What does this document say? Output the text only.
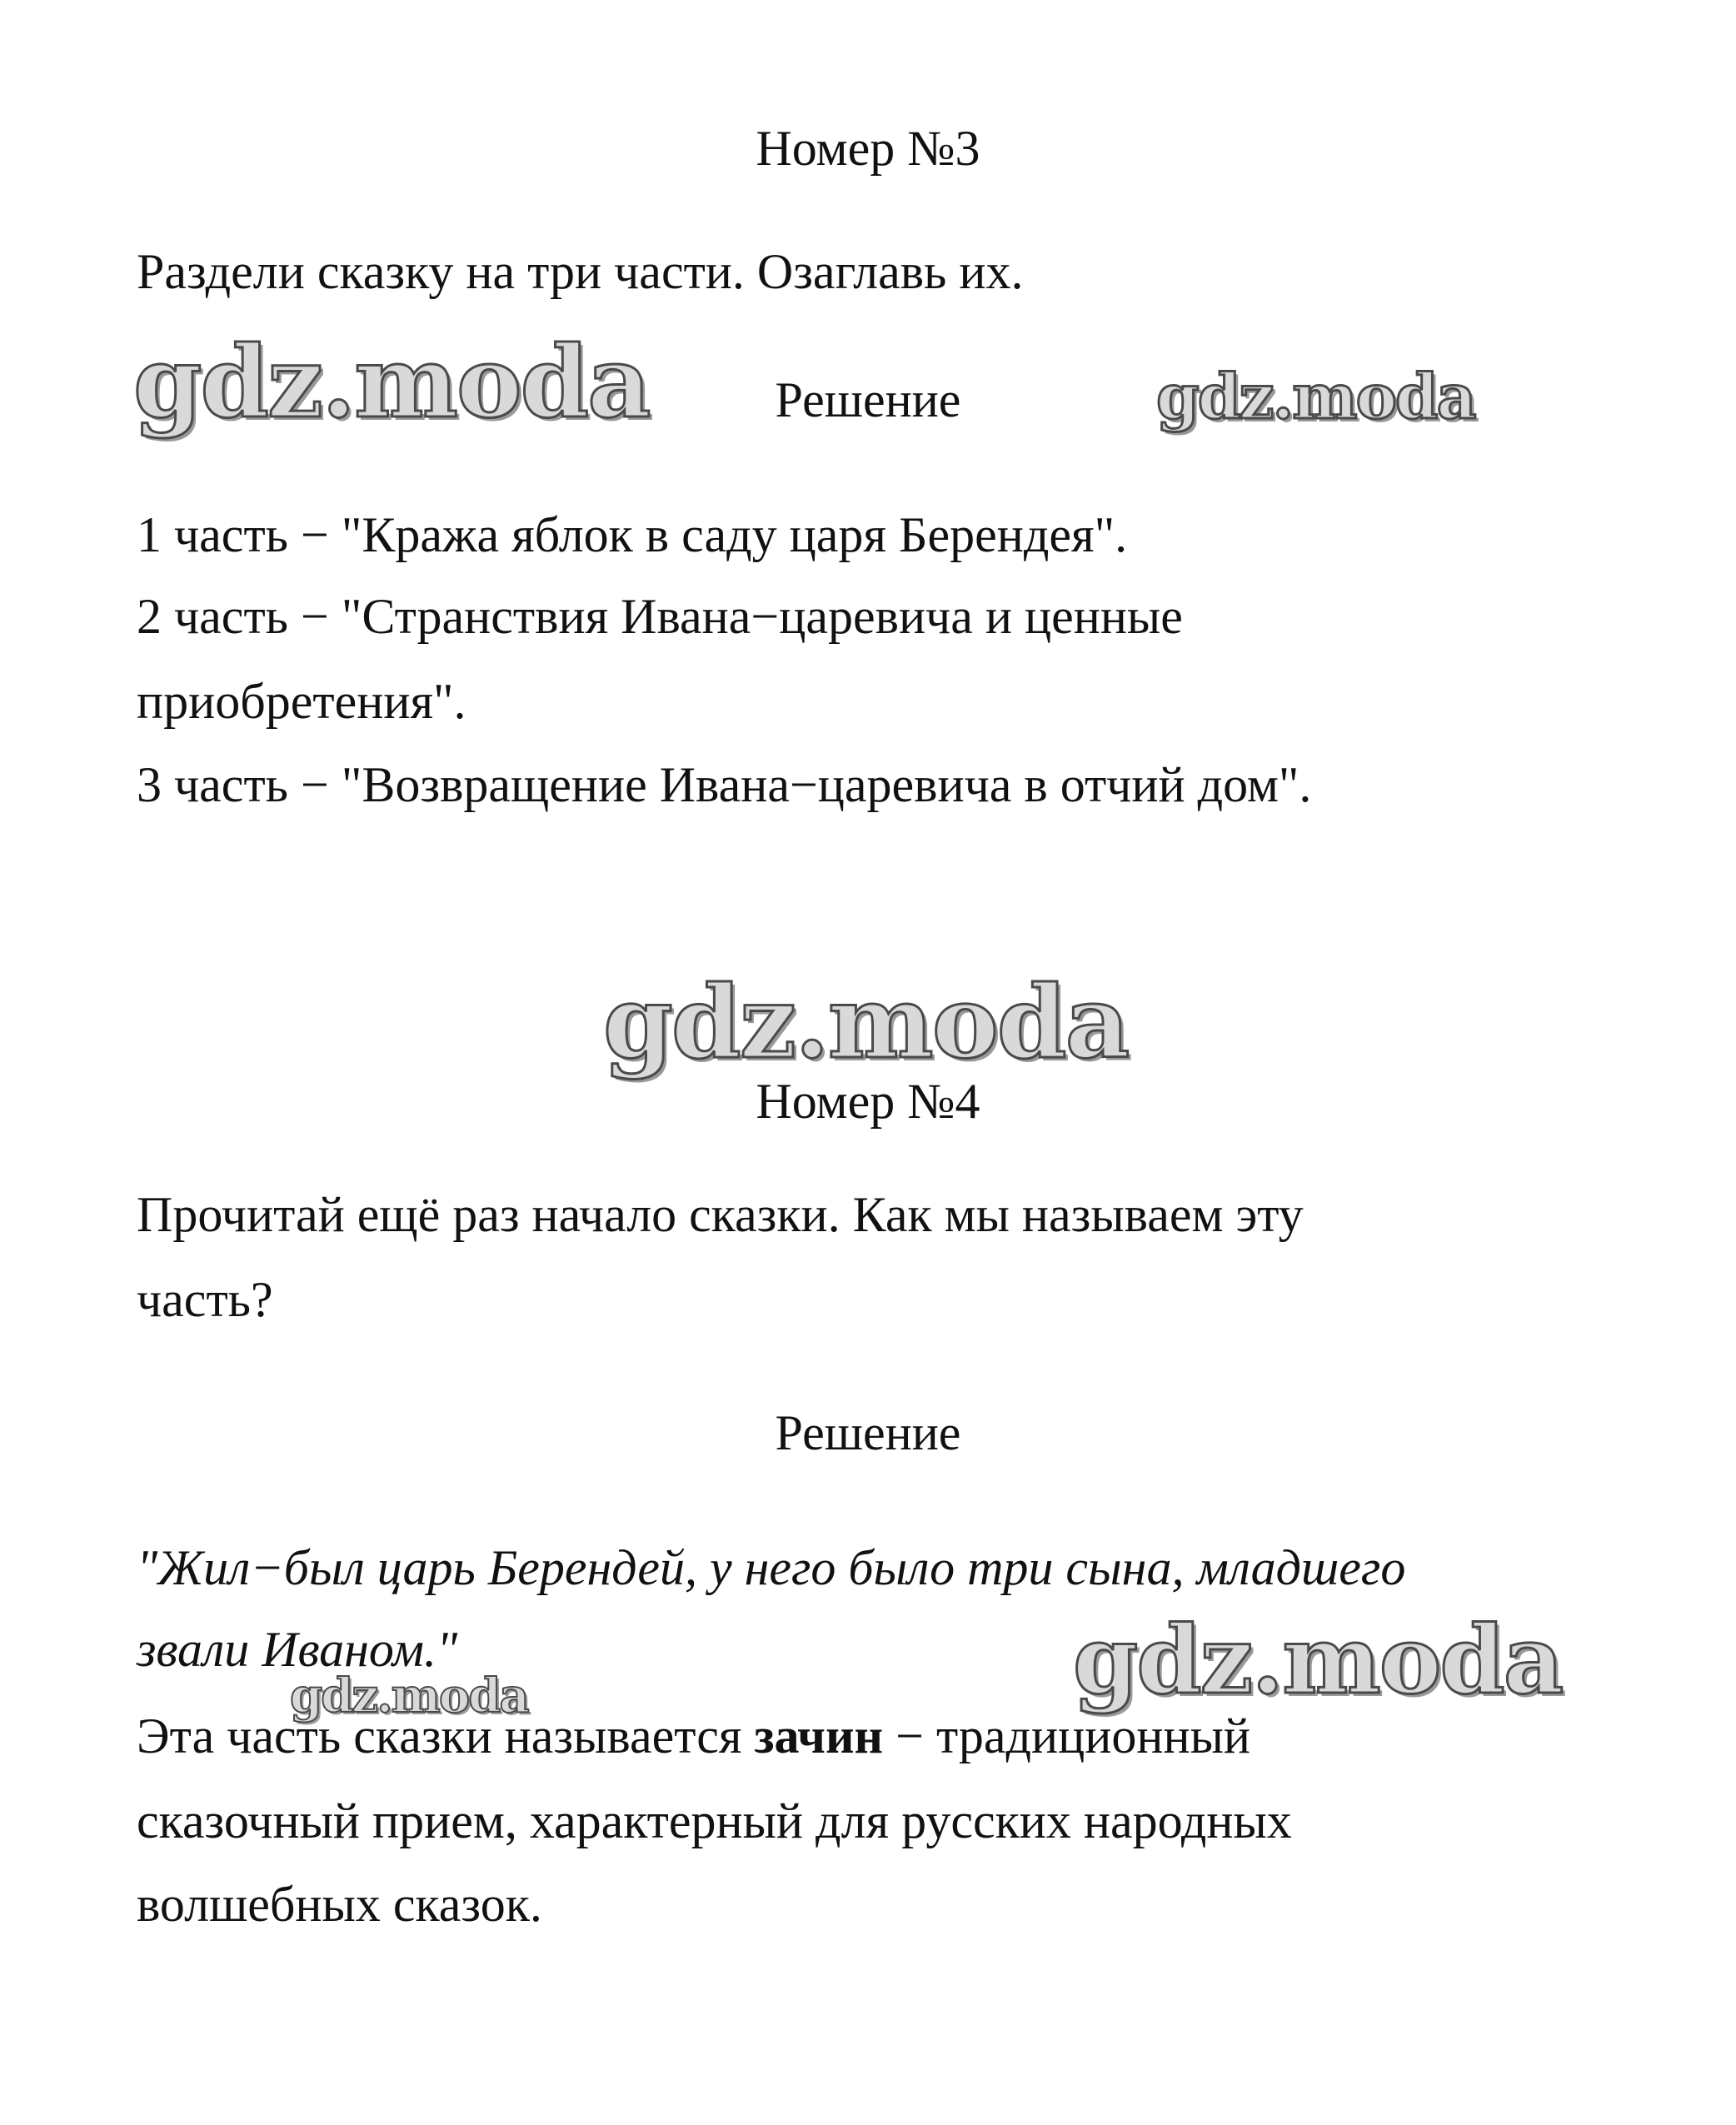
Номер №3
Раздели сказку на три части. Озаглавь их.
gdz.moda	Решение	gdz.moda
1 часть − "Кража яблок в саду царя Берендея".
2 часть − "Странствия Ивана−царевича и ценные
приобретения".
3 часть − "Возвращение Ивана−царевича в отчий дом".
gdz.moda
Номер №4
Прочитай ещё раз начало сказки. Как мы называем эту
часть?
Решение
"Жил−был царь Берендей, у него было три сына, младшего
звали Иваном."	gdz.moda
gdz.moda
Эта часть сказки называется зачин − традиционный
сказочный прием, характерный для русских народных
волшебных сказок.
